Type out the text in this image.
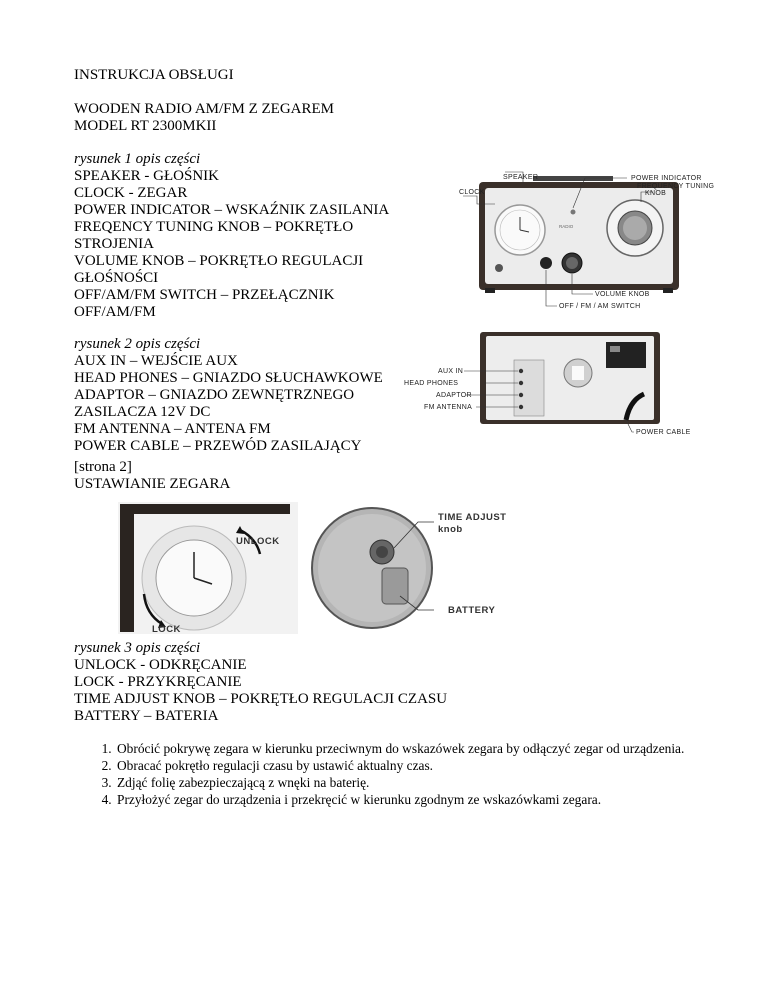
INSTRUKCJA OBSŁUGI
WOODEN RADIO AM/FM Z ZEGAREM
MODEL RT 2300MKII
rysunek 1 opis części
SPEAKER - GŁOŚNIK
CLOCK - ZEGAR
POWER INDICATOR – WSKAŹNIK ZASILANIA
FREQENCY TUNING KNOB – POKRĘTŁO
STROJENIA
VOLUME KNOB – POKRĘTŁO REGULACJI
GŁOŚNOŚCI
OFF/AM/FM SWITCH – PRZEŁĄCZNIK
OFF/AM/FM
rysunek 2 opis części
AUX IN – WEJŚCIE AUX
HEAD PHONES – GNIAZDO SŁUCHAWKOWE
ADAPTOR – GNIAZDO ZEWNĘTRZNEGO
ZASILACZA 12V DC
FM ANTENNA – ANTENA FM
POWER CABLE – PRZEWÓD ZASILAJĄCY
[strona 2]
USTAWIANIE ZEGARA
rysunek 3 opis części
UNLOCK - ODKRĘCANIE
LOCK - PRZYKRĘCANIE
TIME ADJUST KNOB – POKRĘTŁO REGULACJI CZASU
BATTERY – BATERIA
1. Obrócić pokrywę zegara w kierunku przeciwnym do wskazówek zegara by odłączyć zegar od urządzenia.
2. Obracać pokrętło regulacji czasu by ustawić aktualny czas.
3. Zdjąć folię zabezpieczającą z wnęki na baterię.
4. Przyłożyć zegar do urządzenia i przekręcić w kierunku zgodnym ze wskazówkami zegara.
RADIO
SPEAKER
CLOCK
POWER INDICATOR
FREQUENCY TUNING
KNOB
VOLUME KNOB
OFF / FM / AM SWITCH
AUX IN
HEAD PHONES
ADAPTOR
FM ANTENNA
POWER CABLE
UNLOCK
LOCK
TIME ADJUST
knob
BATTERY
